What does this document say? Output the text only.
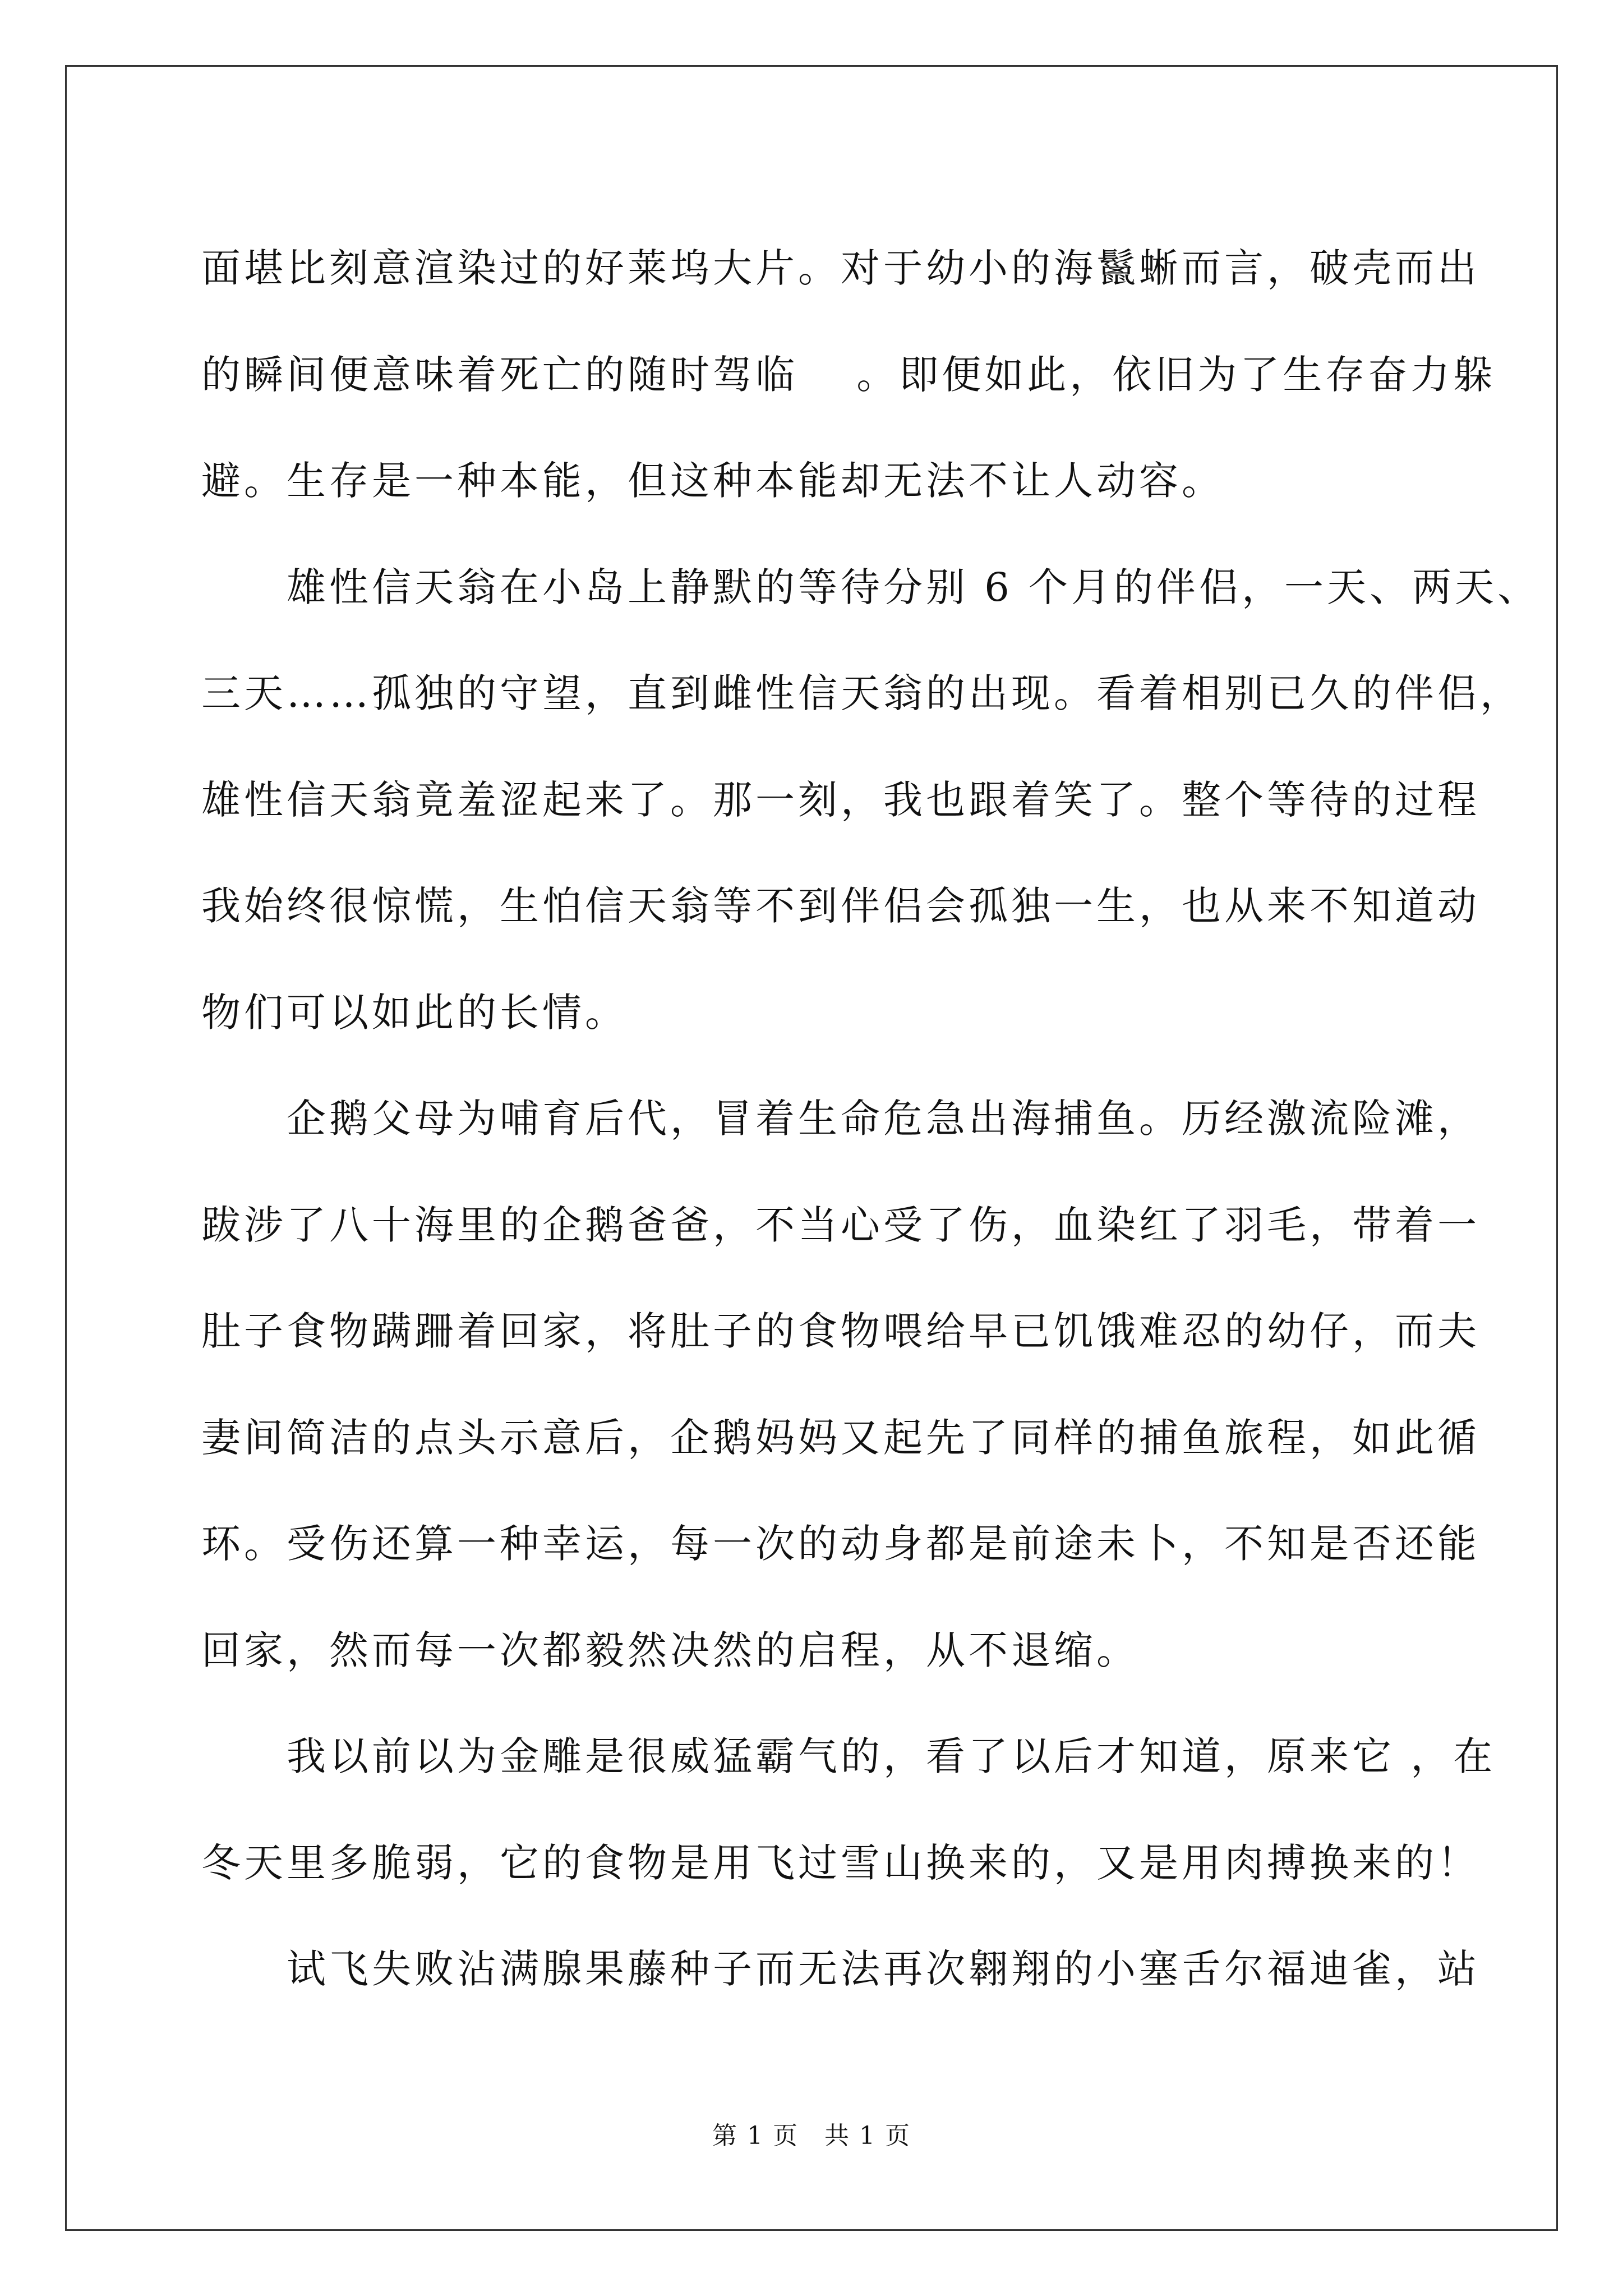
面堪比刻意渲染过的好莱坞大片。对于幼小的海鬣蜥而言，破壳而出
的瞬间便意味着死亡的随时驾临　 。即便如此，依旧为了生存奋力躲
避。生存是一种本能，但这种本能却无法不让人动容。
　　雄性信天翁在小岛上静默的等待分别 6 个月的伴侣，一天、两天、
三天……孤独的守望，直到雌性信天翁的出现。看着相别已久的伴侣，
雄性信天翁竟羞涩起来了。那一刻，我也跟着笑了。整个等待的过程
我始终很惊慌，生怕信天翁等不到伴侣会孤独一生，也从来不知道动
物们可以如此的长情。
　　企鹅父母为哺育后代，冒着生命危急出海捕鱼。历经激流险滩，
跋涉了八十海里的企鹅爸爸，不当心受了伤，血染红了羽毛，带着一
肚子食物蹒跚着回家，将肚子的食物喂给早已饥饿难忍的幼仔，而夫
妻间简洁的点头示意后，企鹅妈妈又起先了同样的捕鱼旅程，如此循
环。受伤还算一种幸运，每一次的动身都是前途未卜，不知是否还能
回家，然而每一次都毅然决然的启程，从不退缩。
　　我以前以为金雕是很威猛霸气的，看了以后才知道，原来它 ，在
冬天里多脆弱，它的食物是用飞过雪山换来的，又是用肉搏换来的！
　　试飞失败沾满腺果藤种子而无法再次翱翔的小塞舌尔福迪雀，站
第 1 页　共 1 页
